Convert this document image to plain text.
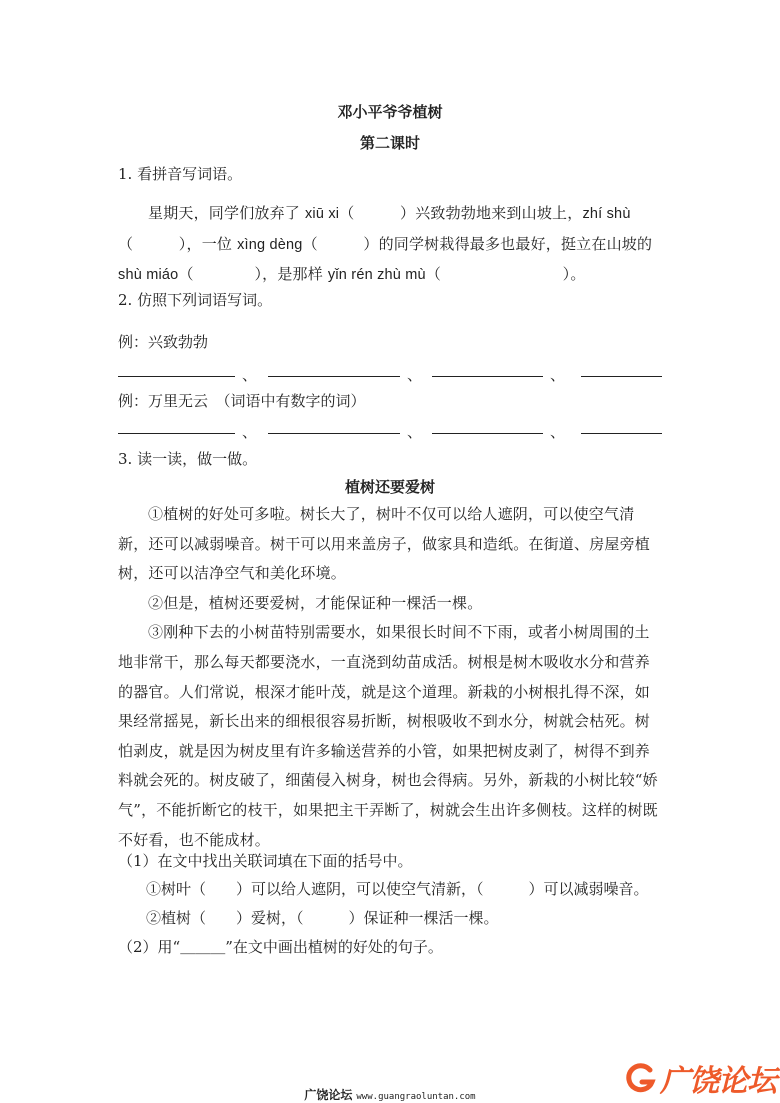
邓小平爷爷植树
第二课时
1. 看拼音写词语。

星期天，同学们放弃了 xiū xi（　　　）兴致勃勃地来到山坡上，zhí shù（　　　），一位 xìng dèng（　　　）的同学树栽得最多也最好，挺立在山坡的 shù miáo（　　　　），是那样 yǐn rén zhù mù（　　　　　　　　）。

2. 仿照下列词语写词。
例：兴致勃勃
、	、	、
例：万里无云　（词语中有数字的词）
、	、	、
3. 读一读，做一做。
植树还要爱树

①植树的好处可多啦。树长大了，树叶不仅可以给人遮阴，可以使空气清新，还可以减弱噪音。树干可以用来盖房子，做家具和造纸。在街道、房屋旁植树，还可以洁净空气和美化环境。

②但是，植树还要爱树，才能保证种一棵活一棵。

③刚种下去的小树苗特别需要水，如果很长时间不下雨，或者小树周围的土地非常干，那么每天都要浇水，一直浇到幼苗成活。树根是树木吸收水分和营养的器官。人们常说，根深才能叶茂，就是这个道理。新栽的小树根扎得不深，如果经常摇晃，新长出来的细根很容易折断，树根吸收不到水分，树就会枯死。树怕剥皮，就是因为树皮里有许多输送营养的小管，如果把树皮剥了，树得不到养料就会死的。树皮破了，细菌侵入树身，树也会得病。另外，新栽的小树比较“娇气”，不能折断它的枝干，如果把主干弄断了，树就会生出许多侧枝。这样的树既不好看，也不能成材。

（1）在文中找出关联词填在下面的括号中。
①树叶（　　）可以给人遮阴，可以使空气清新，（　　　）可以减弱噪音。
②植树（　　）爱树，（　　　）保证种一棵活一棵。
（2）用“＿＿＿”在文中画出植树的好处的句子。
广饶论坛 www.guangraoluntan.com	广饶论坛
